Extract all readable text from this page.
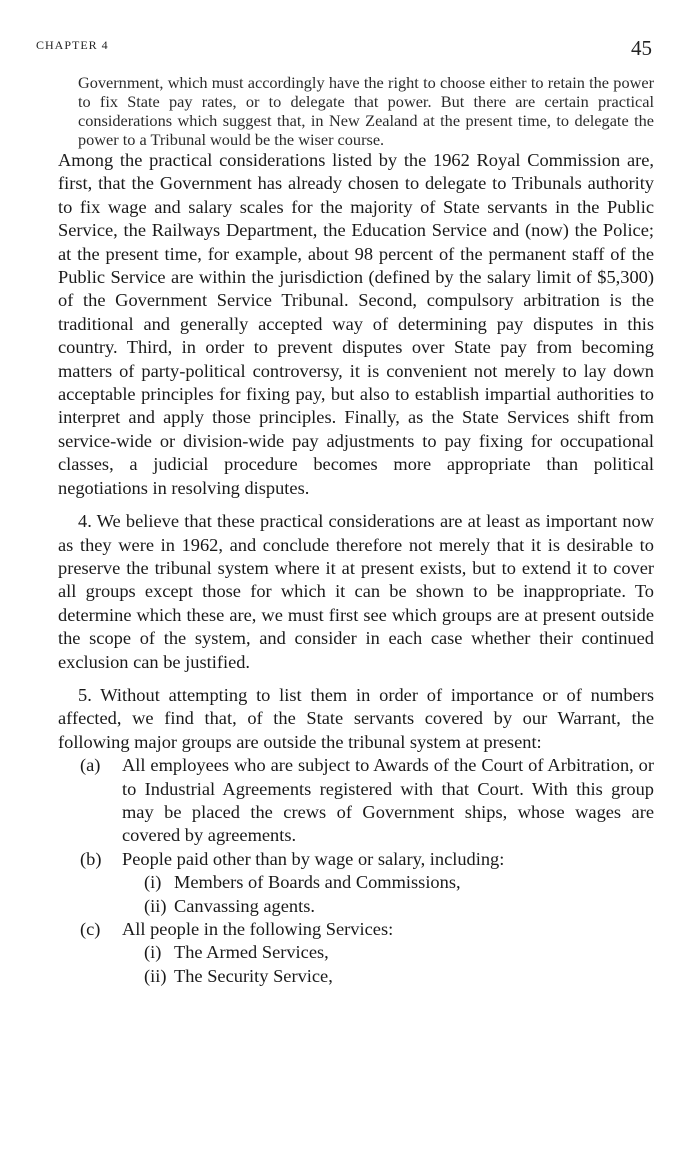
CHAPTER 4	45

Government, which must accordingly have the right to choose either to retain the power to fix State pay rates, or to delegate that power. But there are certain practical considerations which suggest that, in New Zealand at the present time, to delegate the power to a Tribunal would be the wiser course.

Among the practical considerations listed by the 1962 Royal Commission are, first, that the Government has already chosen to delegate to Tribunals authority to fix wage and salary scales for the majority of State servants in the Public Service, the Railways Department, the Education Service and (now) the Police; at the present time, for example, about 98 percent of the permanent staff of the Public Service are within the jurisdiction (defined by the salary limit of $5,300) of the Government Service Tribunal. Second, compulsory arbitration is the traditional and generally accepted way of determining pay disputes in this country. Third, in order to prevent disputes over State pay from becoming matters of party-political controversy, it is convenient not merely to lay down acceptable principles for fixing pay, but also to establish impartial authorities to interpret and apply those principles. Finally, as the State Services shift from service-wide or division-wide pay adjustments to pay fixing for occupational classes, a judicial procedure becomes more appropriate than political negotiations in resolving disputes.

4. We believe that these practical considerations are at least as important now as they were in 1962, and conclude therefore not merely that it is desirable to preserve the tribunal system where it at present exists, but to extend it to cover all groups except those for which it can be shown to be inappropriate. To determine which these are, we must first see which groups are at present outside the scope of the system, and consider in each case whether their continued exclusion can be justified.

5. Without attempting to list them in order of importance or of numbers affected, we find that, of the State servants covered by our Warrant, the following major groups are outside the tribunal system at present:

(a) All employees who are subject to Awards of the Court of Arbitration, or to Industrial Agreements registered with that Court. With this group may be placed the crews of Government ships, whose wages are covered by agreements.
(b) People paid other than by wage or salary, including:
(i) Members of Boards and Commissions,
(ii) Canvassing agents.
(c) All people in the following Services:
(i) The Armed Services,
(ii) The Security Service,
